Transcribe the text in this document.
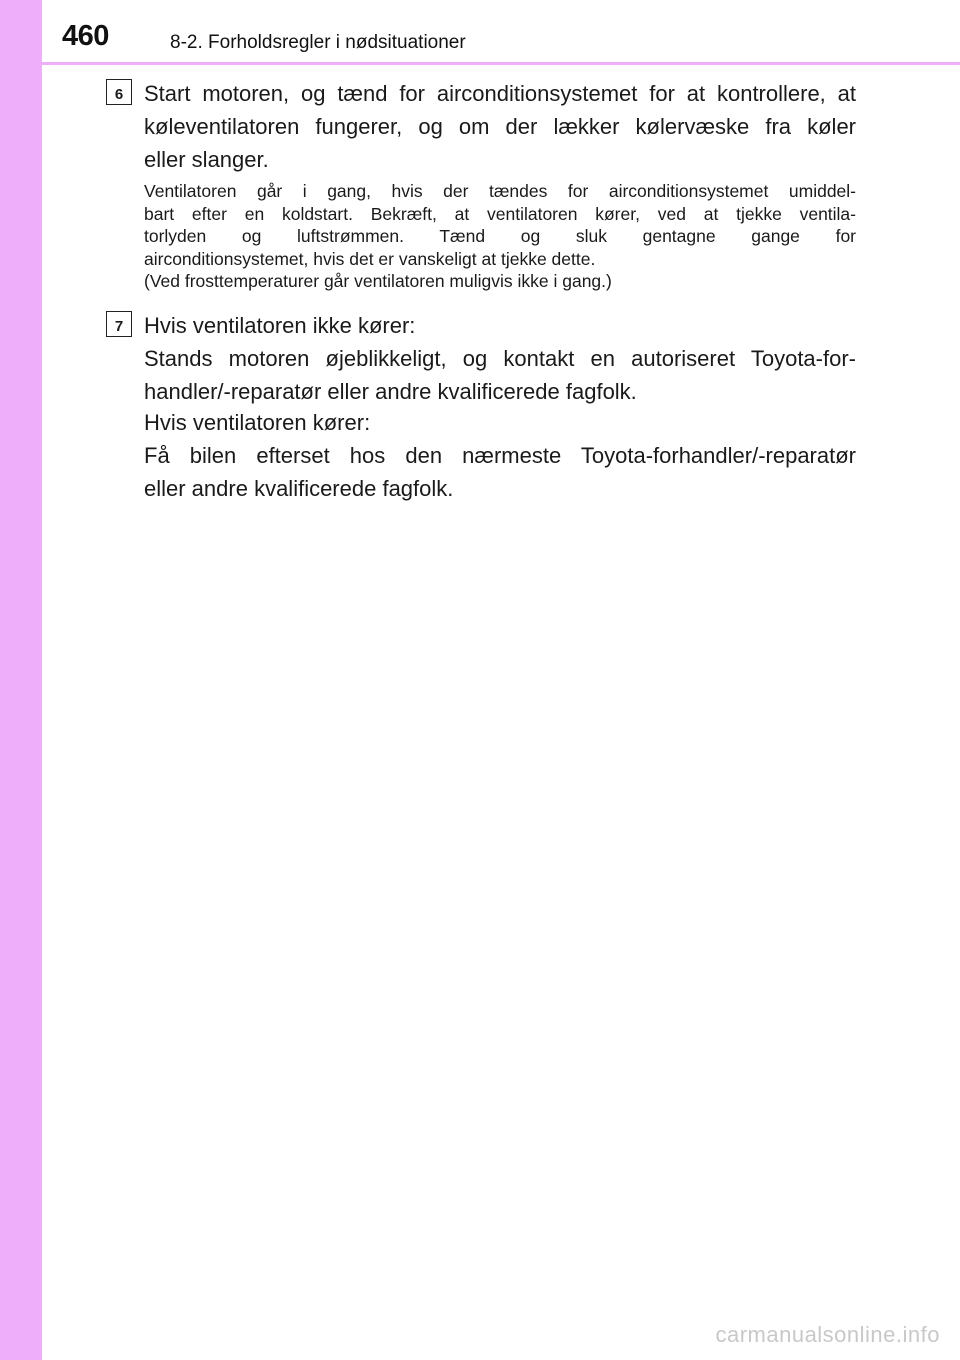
460	8-2. Forholdsregler i nødsituationer
6 Start motoren, og tænd for airconditionsystemet for at kontrollere, at
køleventilatoren fungerer, og om der lækker kølervæske fra køler
eller slanger.

Ventilatoren går i gang, hvis der tændes for airconditionsystemet umiddel-
bart efter en koldstart. Bekræft, at ventilatoren kører, ved at tjekke ventila-
torlyden og luftstrømmen. Tænd og sluk gentagne gange for
airconditionsystemet, hvis det er vanskeligt at tjekke dette.
(Ved frosttemperaturer går ventilatoren muligvis ikke i gang.)

7 Hvis ventilatoren ikke kører:
Stands motoren øjeblikkeligt, og kontakt en autoriseret Toyota-for-
handler/-reparatør eller andre kvalificerede fagfolk.

Hvis ventilatoren kører:
Få bilen efterset hos den nærmeste Toyota-forhandler/-reparatør
eller andre kvalificerede fagfolk.

carmanualsonline.info
